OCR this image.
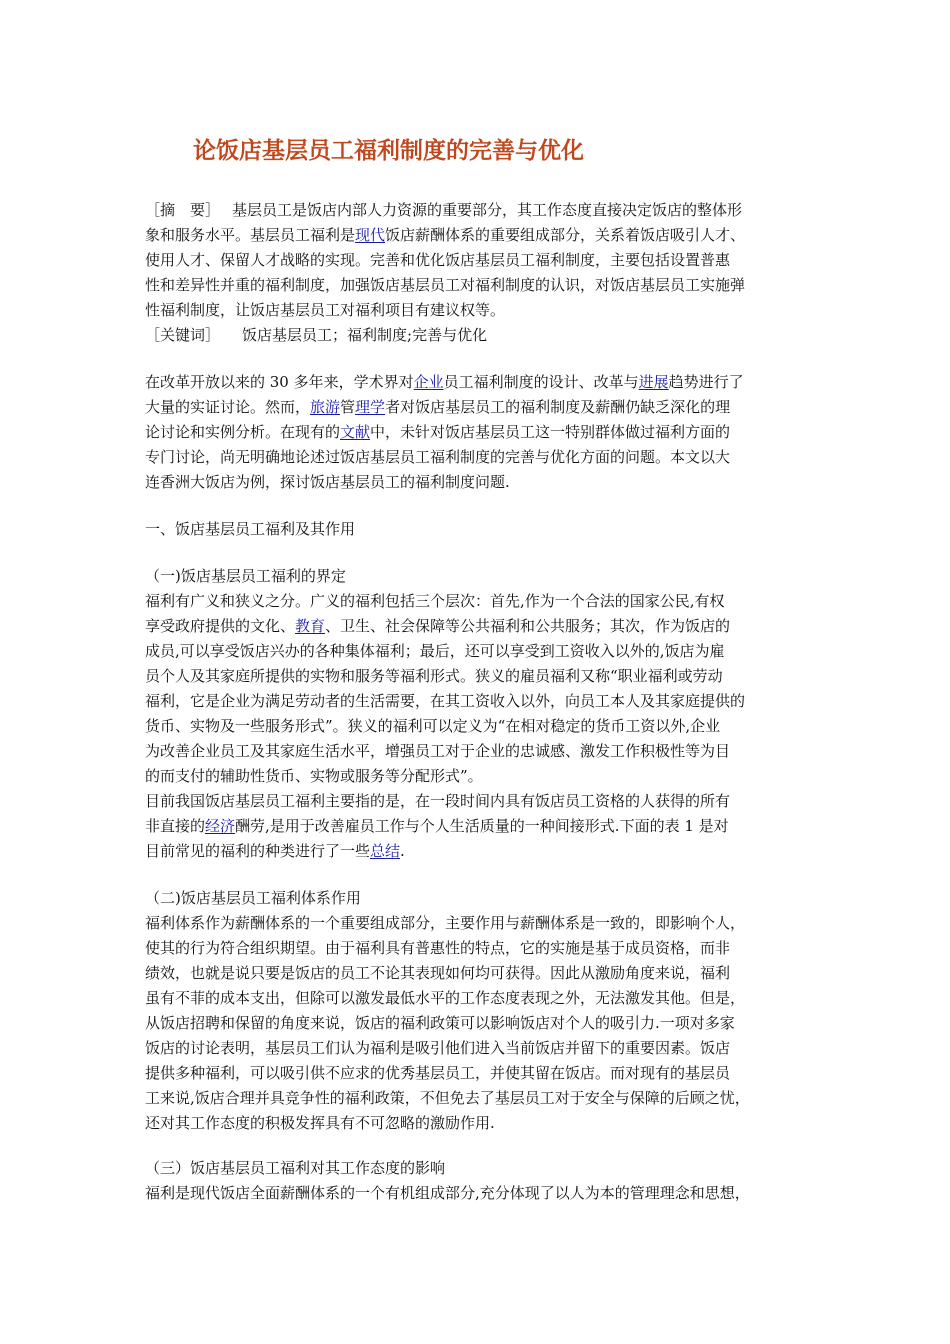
论饭店基层员工福利制度的完善与优化
［摘　要］ 基层员工是饭店内部人力资源的重要部分，其工作态度直接决定饭店的整体形
象和服务水平。基层员工福利是现代饭店薪酬体系的重要组成部分，关系着饭店吸引人才、
使用人才、保留人才战略的实现。完善和优化饭店基层员工福利制度，主要包括设置普惠
性和差异性并重的福利制度，加强饭店基层员工对福利制度的认识，对饭店基层员工实施弹
性福利制度，让饭店基层员工对福利项目有建议权等。
［关键词］ 饭店基层员工；福利制度;完善与优化
在改革开放以来的 30 多年来，学术界对企业员工福利制度的设计、改革与进展趋势进行了
大量的实证讨论。然而，旅游管理学者对饭店基层员工的福利制度及薪酬仍缺乏深化的理
论讨论和实例分析。在现有的文献中，未针对饭店基层员工这一特别群体做过福利方面的
专门讨论，尚无明确地论述过饭店基层员工福利制度的完善与优化方面的问题。本文以大
连香洲大饭店为例，探讨饭店基层员工的福利制度问题.
一、饭店基层员工福利及其作用
（一)饭店基层员工福利的界定
福利有广义和狭义之分。广义的福利包括三个层次：首先,作为一个合法的国家公民,有权
享受政府提供的文化、教育、卫生、社会保障等公共福利和公共服务；其次，作为饭店的
成员,可以享受饭店兴办的各种集体福利；最后，还可以享受到工资收入以外的,饭店为雇
员个人及其家庭所提供的实物和服务等福利形式。狭义的雇员福利又称“职业福利或劳动
福利，它是企业为满足劳动者的生活需要，在其工资收入以外，向员工本人及其家庭提供的
货币、实物及一些服务形式”。狭义的福利可以定义为“在相对稳定的货币工资以外,企业
为改善企业员工及其家庭生活水平，增强员工对于企业的忠诚感、激发工作积极性等为目
的而支付的辅助性货币、实物或服务等分配形式”。
目前我国饭店基层员工福利主要指的是，在一段时间内具有饭店员工资格的人获得的所有
非直接的经济酬劳,是用于改善雇员工作与个人生活质量的一种间接形式.下面的表 1 是对
目前常见的福利的种类进行了一些总结.
（二)饭店基层员工福利体系作用
福利体系作为薪酬体系的一个重要组成部分，主要作用与薪酬体系是一致的，即影响个人，
使其的行为符合组织期望。由于福利具有普惠性的特点，它的实施是基于成员资格，而非
绩效，也就是说只要是饭店的员工不论其表现如何均可获得。因此从激励角度来说，福利
虽有不菲的成本支出，但除可以激发最低水平的工作态度表现之外，无法激发其他。但是，
从饭店招聘和保留的角度来说，饭店的福利政策可以影响饭店对个人的吸引力.一项对多家
饭店的讨论表明，基层员工们认为福利是吸引他们进入当前饭店并留下的重要因素。饭店
提供多种福利，可以吸引供不应求的优秀基层员工，并使其留在饭店。而对现有的基层员
工来说,饭店合理并具竞争性的福利政策，不但免去了基层员工对于安全与保障的后顾之忧，
还对其工作态度的积极发挥具有不可忽略的激励作用.
（三）饭店基层员工福利对其工作态度的影响
福利是现代饭店全面薪酬体系的一个有机组成部分,充分体现了以人为本的管理理念和思想，
